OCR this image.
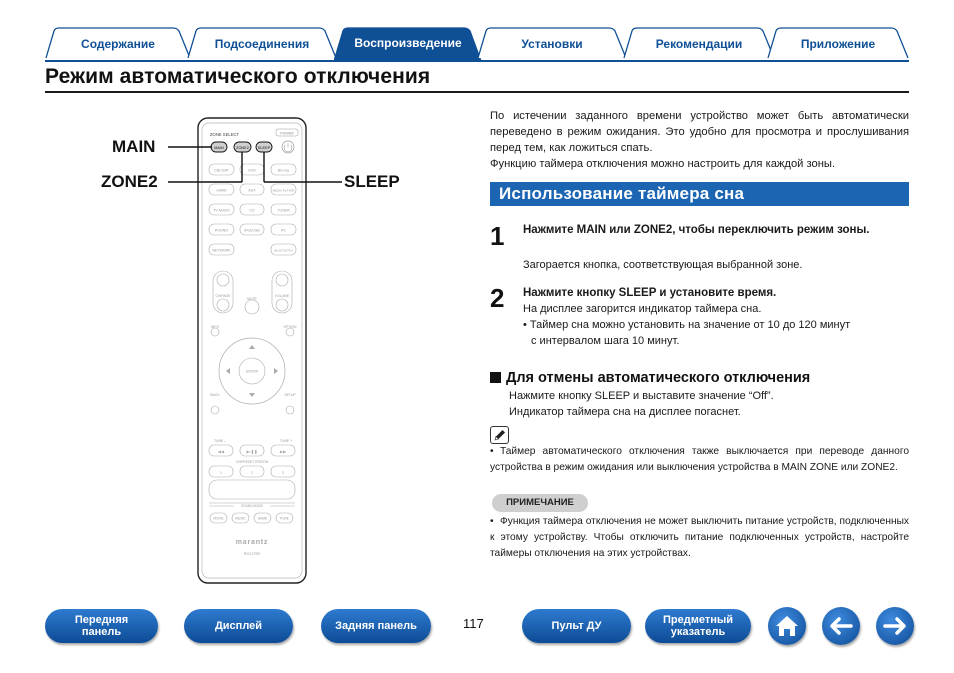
Содержание	Подсоединения	Воспроизведение	Установки	Рекомендации	Приложение
Режим автоматического отключения
ZONE SELECT	POWER
MAIN	ZONE2 SLEEP
CBL/SAT	DVD	Blu-ray
GAME	AUX	MEDIA PLAYER
TV AUDIO	CD	TUNER
PHONO	iPod/USB	PC
NETWORK	BLUETOOTH
CH/PAGE
MUTE
VOLUME
INFO	OPTION
ENTER
BACK	SETUP
TUNE –	TUNE +
CH/PRESET STATION
◀◀	▶/❚❚	▶▶
1	2	3
SOUND MODE
MOVIE	MUSIC	GAME	PURE
marantz
RC017SR
MAIN
ZONE2	SLEEP

По истечении заданного времени устройство может быть автоматически переведено в режим ожидания. Это удобно для просмотра и прослушивания перед тем, как ложиться спать.

Функцию таймера отключения можно настроить для каждой зоны.

Использование таймера сна
1 Нажмите MAIN или ZONE2, чтобы переключить режим зоны.
Загорается кнопка, соответствующая выбранной зоне.
2 Нажмите кнопку SLEEP и установите время.
На дисплее загорится индикатор таймера сна.
• Таймер сна можно установить на значение от 10 до 120 минут
с интервалом шага 10 минут.
Для отмены автоматического отключения
Нажмите кнопку SLEEP и выставите значение “Off”.
Индикатор таймера сна на дисплее погаснет.
• Таймер автоматического отключения также выключается при переводе данного устройства в режим ожидания или выключения устройства в MAIN ZONE или ZONE2.
ПРИМЕЧАНИЕ
• Функция таймера отключения не может выключить питание устройств, подключенных к этому устройству. Чтобы отключить питание подключенных устройств, настройте таймеры отключения на этих устройствах.
Передняя
панель	Дисплей	Задняя панель	117	Пульт ДУ	Предметный
указатель
